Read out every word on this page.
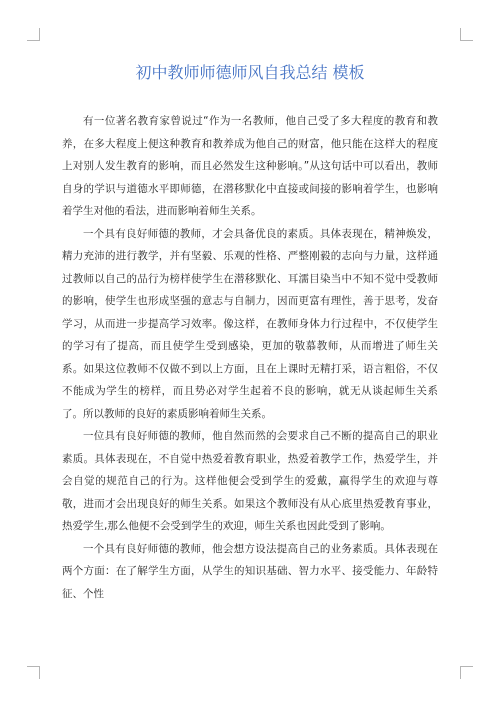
初中教师师德师风自我总结 模板

有一位著名教育家曾说过“作为一名教师，他自己受了多大程度的教育和教养，在多大程度上便这种教育和教养成为他自己的财富，他只能在这样大的程度上对别人发生教育的影响，而且必然发生这种影响。”从这句话中可以看出，教师自身的学识与道德水平即师德，在潜移默化中直接或间接的影响着学生，也影响着学生对他的看法，进而影响着师生关系。

一个具有良好师德的教师，才会具备优良的素质。具体表现在，精神焕发，精力充沛的进行教学，并有坚毅、乐观的性格、严整刚毅的志向与力量，这样通过教师以自己的品行为榜样使学生在潜移默化、耳濡目染当中不知不觉中受教师的影响，使学生也形成坚强的意志与自制力，因而更富有理性，善于思考，发奋学习，从而进一步提高学习效率。像这样，在教师身体力行过程中，不仅使学生的学习有了提高，而且使学生受到感染，更加的敬慕教师，从而增进了师生关系。如果这位教师不仅做不到以上方面，且在上课时无精打采，语言粗俗，不仅不能成为学生的榜样，而且势必对学生起着不良的影响，就无从谈起师生关系了。所以教师的良好的素质影响着师生关系。

一位具有良好师德的教师，他自然而然的会要求自己不断的提高自己的职业素质。具体表现在，不自觉中热爱着教育职业，热爱着教学工作，热爱学生，并会自觉的规范自己的行为。这样他便会受到学生的爱戴，赢得学生的欢迎与尊敬，进而才会出现良好的师生关系。如果这个教师没有从心底里热爱教育事业，热爱学生,那么他便不会受到学生的欢迎，师生关系也因此受到了影响。

一个具有良好师德的教师，他会想方设法提高自己的业务素质。具体表现在两个方面：在了解学生方面，从学生的知识基础、智力水平、接受能力、年龄特征、个性
